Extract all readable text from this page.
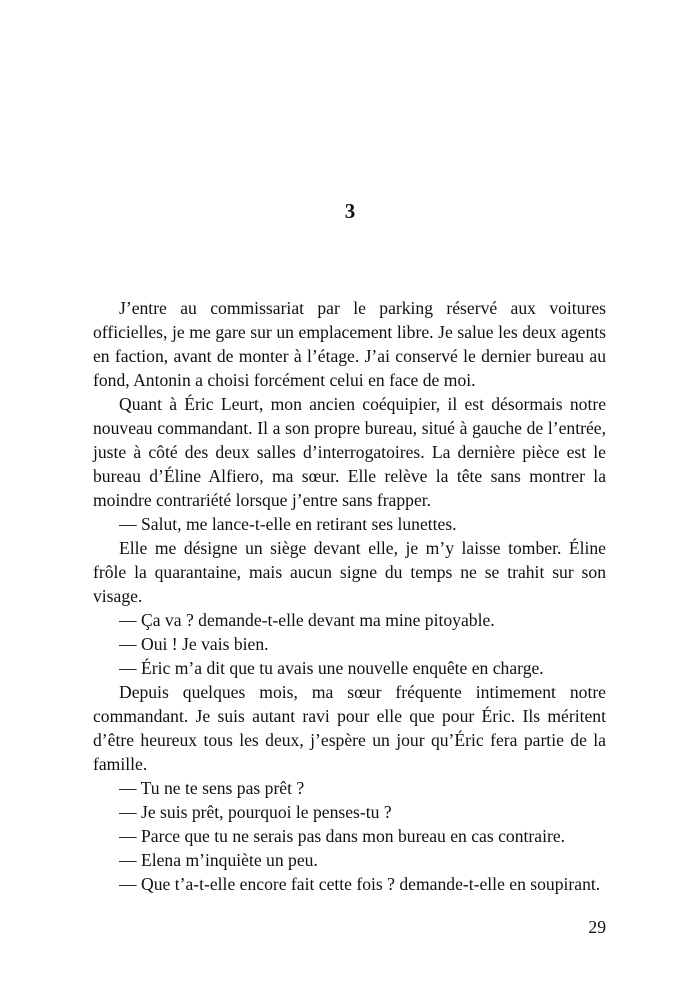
3

J’entre au commissariat par le parking réservé aux voitures officielles, je me gare sur un emplacement libre. Je salue les deux agents en faction, avant de monter à l’étage. J’ai conservé le dernier bureau au fond, Antonin a choisi forcément celui en face de moi.

Quant à Éric Leurt, mon ancien coéquipier, il est désormais notre nouveau commandant. Il a son propre bureau, situé à gauche de l’entrée, juste à côté des deux salles d’interrogatoires. La dernière pièce est le bureau d’Éline Alfiero, ma sœur. Elle relève la tête sans montrer la moindre contrariété lorsque j’entre sans frapper.

— Salut, me lance-t-elle en retirant ses lunettes.

Elle me désigne un siège devant elle, je m’y laisse tomber. Éline frôle la quarantaine, mais aucun signe du temps ne se trahit sur son visage.

— Ça va ? demande-t-elle devant ma mine pitoyable.

— Oui ! Je vais bien.

— Éric m’a dit que tu avais une nouvelle enquête en charge.

Depuis quelques mois, ma sœur fréquente intimement notre commandant. Je suis autant ravi pour elle que pour Éric. Ils méritent d’être heureux tous les deux, j’espère un jour qu’Éric fera partie de la famille.

— Tu ne te sens pas prêt ?

— Je suis prêt, pourquoi le penses-tu ?

— Parce que tu ne serais pas dans mon bureau en cas contraire.

— Elena m’inquiète un peu.

— Que t’a-t-elle encore fait cette fois ? demande-t-elle en soupirant.

29
